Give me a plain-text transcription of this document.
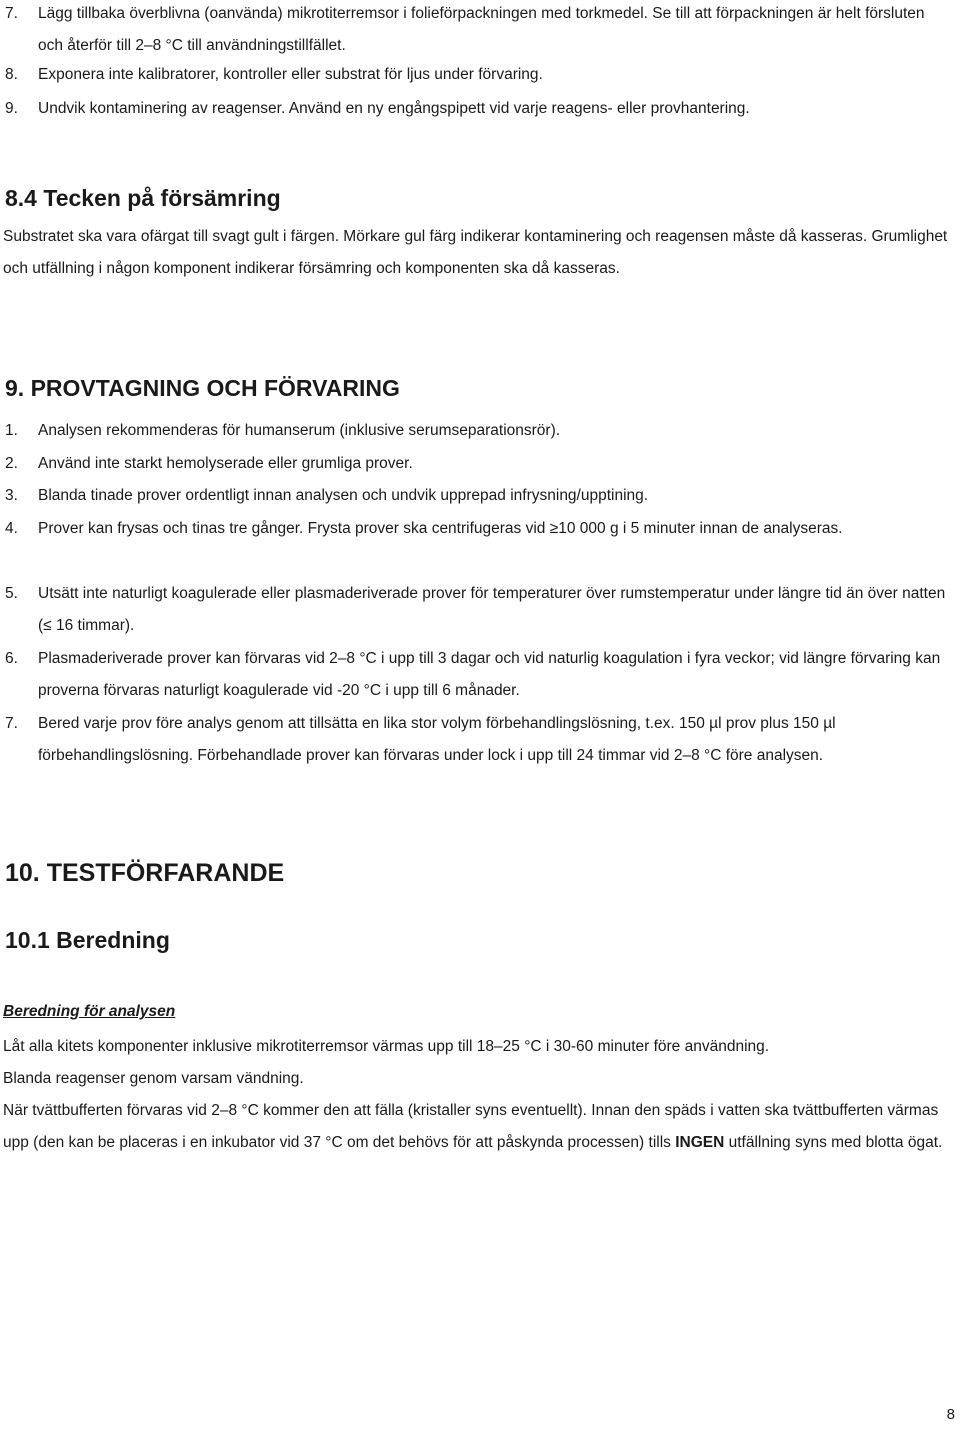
7.	Lägg tillbaka överblivna (oanvända) mikrotiterremsor i folieförpackningen med torkmedel. Se till att förpackningen är helt försluten och återför till 2–8 °C till användningstillfället.
8.	Exponera inte kalibratorer, kontroller eller substrat för ljus under förvaring.
9.	Undvik kontaminering av reagenser. Använd en ny engångspipett vid varje reagens- eller provhantering.
8.4 Tecken på försämring
Substratet ska vara ofärgat till svagt gult i färgen. Mörkare gul färg indikerar kontaminering och reagensen måste då kasseras. Grumlighet och utfällning i någon komponent indikerar försämring och komponenten ska då kasseras.
9. PROVTAGNING OCH FÖRVARING
1.	Analysen rekommenderas för humanserum (inklusive serumseparationsrör).
2.	Använd inte starkt hemolyserade eller grumliga prover.
3.	Blanda tinade prover ordentligt innan analysen och undvik upprepad infrysning/upptining.
4.	Prover kan frysas och tinas tre gånger. Frysta prover ska centrifugeras vid ≥10 000 g i 5 minuter innan de analyseras.
5.	Utsätt inte naturligt koagulerade eller plasmaderiverade prover för temperaturer över rumstemperatur under längre tid än över natten (≤ 16 timmar).
6.	Plasmaderiverade prover kan förvaras vid 2–8 °C i upp till 3 dagar och vid naturlig koagulation i fyra veckor; vid längre förvaring kan proverna förvaras naturligt koagulerade vid -20 °C i upp till 6 månader.
7.	Bered varje prov före analys genom att tillsätta en lika stor volym förbehandlingslösning, t.ex. 150 µl prov plus 150 µl förbehandlingslösning. Förbehandlade prover kan förvaras under lock i upp till 24 timmar vid 2–8 °C före analysen.
10. TESTFÖRFARANDE
10.1 Beredning
Beredning för analysen
Låt alla kitets komponenter inklusive mikrotiterremsor värmas upp till 18–25 °C i 30-60 minuter före användning.
Blanda reagenser genom varsam vändning.
När tvättbufferten förvaras vid 2–8 °C kommer den att fälla (kristaller syns eventuellt). Innan den späds i vatten ska tvättbufferten värmas upp (den kan be placeras i en inkubator vid 37 °C om det behövs för att påskynda processen) tills INGEN utfällning syns med blotta ögat.
8
